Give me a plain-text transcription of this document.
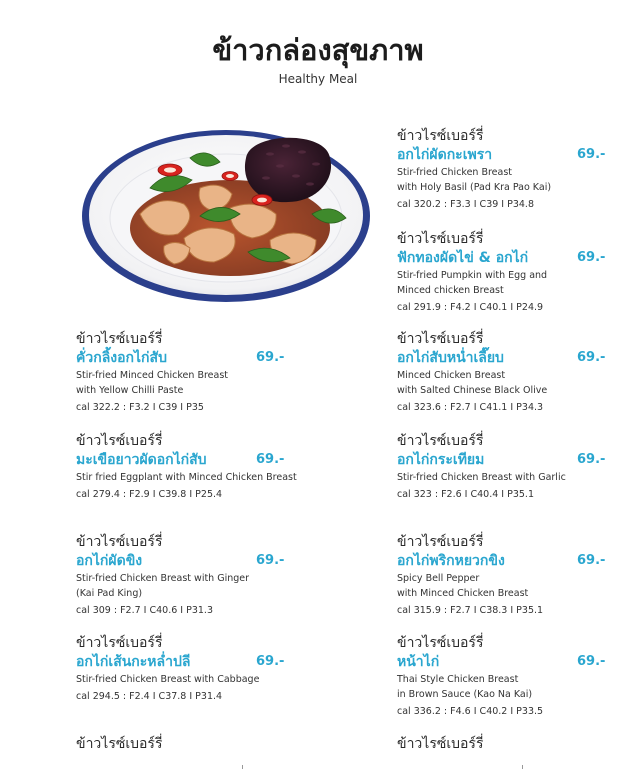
ข้าวกล่องสุขภาพ
Healthy Meal
ข้าวไรซ์เบอร์รี่
อกไก่ผัดกะเพรา	69.-
Stir-fried Chicken Breast
with Holy Basil (Pad Kra Pao Kai)
cal 320.2 : F3.3 I C39 I P34.8
ข้าวไรซ์เบอร์รี่
ฟักทองผัดไข่ & อกไก่	69.-
Stir-fried Pumpkin with Egg and
Minced chicken Breast
cal 291.9 : F4.2 I C40.1 I P24.9
ข้าวไรซ์เบอร์รี่
อกไก่สับหน่ำเลี๊ยบ	69.-
Minced Chicken Breast
with Salted Chinese Black Olive
cal 323.6 : F2.7 I C41.1 I P34.3
ข้าวไรซ์เบอร์รี่
อกไก่กระเทียม	69.-
Stir-fried Chicken Breast with Garlic
cal 323 : F2.6 I C40.4 I P35.1
ข้าวไรซ์เบอร์รี่
อกไก่พริกหยวกขิง	69.-
Spicy Bell Pepper
with Minced Chicken Breast
cal 315.9 : F2.7 I C38.3 I P35.1
ข้าวไรซ์เบอร์รี่
หน้าไก่	69.-
Thai Style Chicken Breast
in Brown Sauce (Kao Na Kai)
cal 336.2 : F4.6 I C40.2 I P33.5
ข้าวไรซ์เบอร์รี่
คั่วกลิ้งอกไก่สับ	69.-
Stir-fried Minced Chicken Breast
with Yellow Chilli Paste
cal 322.2 : F3.2 I C39 I P35
ข้าวไรซ์เบอร์รี่
มะเขือยาวผัดอกไก่สับ	69.-
Stir fried Eggplant with Minced Chicken Breast
cal 279.4 : F2.9 I C39.8 I P25.4
ข้าวไรซ์เบอร์รี่
อกไก่ผัดขิง	69.-
Stir-fried Chicken Breast with Ginger
(Kai Pad King)
cal 309 : F2.7 I C40.6 I P31.3
ข้าวไรซ์เบอร์รี่
อกไก่เส้นกะหล่ำปลี	69.-
Stir-fried Chicken Breast with Cabbage
cal 294.5 : F2.4 I C37.8 I P31.4
ข้าวไรซ์เบอร์รี่	ข้าวไรซ์เบอร์รี่
